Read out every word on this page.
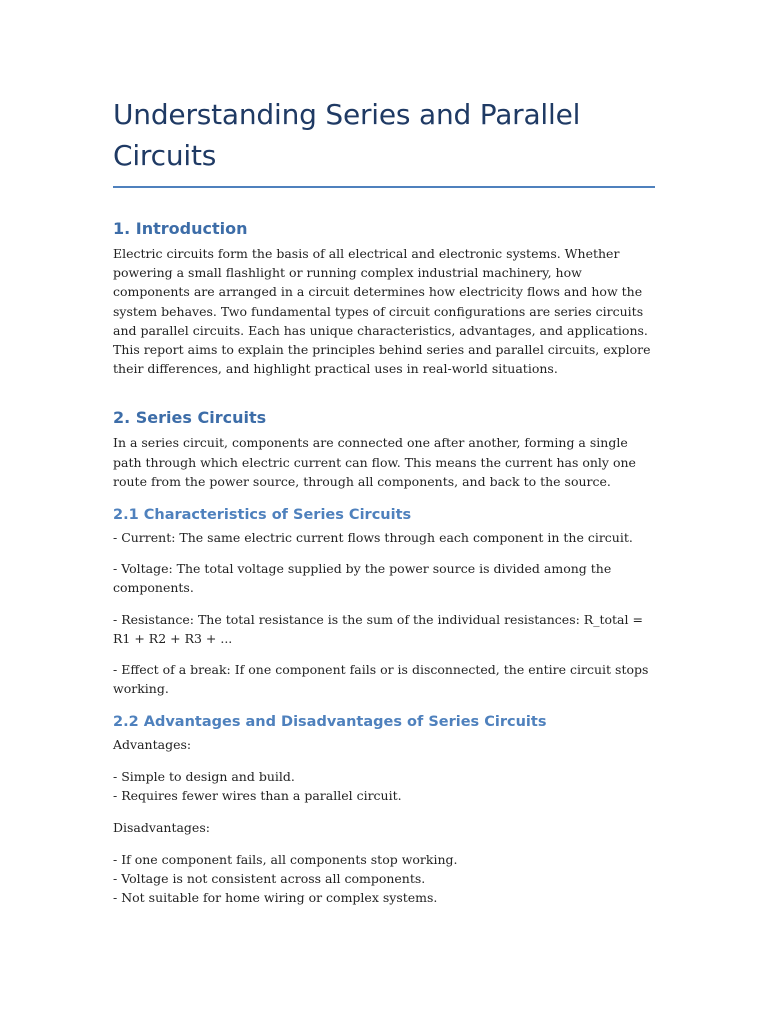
Understanding Series and Parallel
Circuits
1. Introduction

Electric circuits form the basis of all electrical and electronic systems. Whether powering a small flashlight or running complex industrial machinery, how components are arranged in a circuit determines how electricity flows and how the system behaves. Two fundamental types of circuit configurations are series circuits and parallel circuits. Each has unique characteristics, advantages, and applications. This report aims to explain the principles behind series and parallel circuits, explore their differences, and highlight practical uses in real-world situations.

2. Series Circuits

In a series circuit, components are connected one after another, forming a single path through which electric current can flow. This means the current has only one route from the power source, through all components, and back to the source.

2.1 Characteristics of Series Circuits

- Current: The same electric current flows through each component in the circuit.

- Voltage: The total voltage supplied by the power source is divided among the components.

- Resistance: The total resistance is the sum of the individual resistances: R_total = R1 + R2 + R3 + ...

- Effect of a break: If one component fails or is disconnected, the entire circuit stops working.

2.2 Advantages and Disadvantages of Series Circuits

Advantages:

- Simple to design and build.

- Requires fewer wires than a parallel circuit.

Disadvantages:

- If one component fails, all components stop working.

- Voltage is not consistent across all components.

- Not suitable for home wiring or complex systems.
